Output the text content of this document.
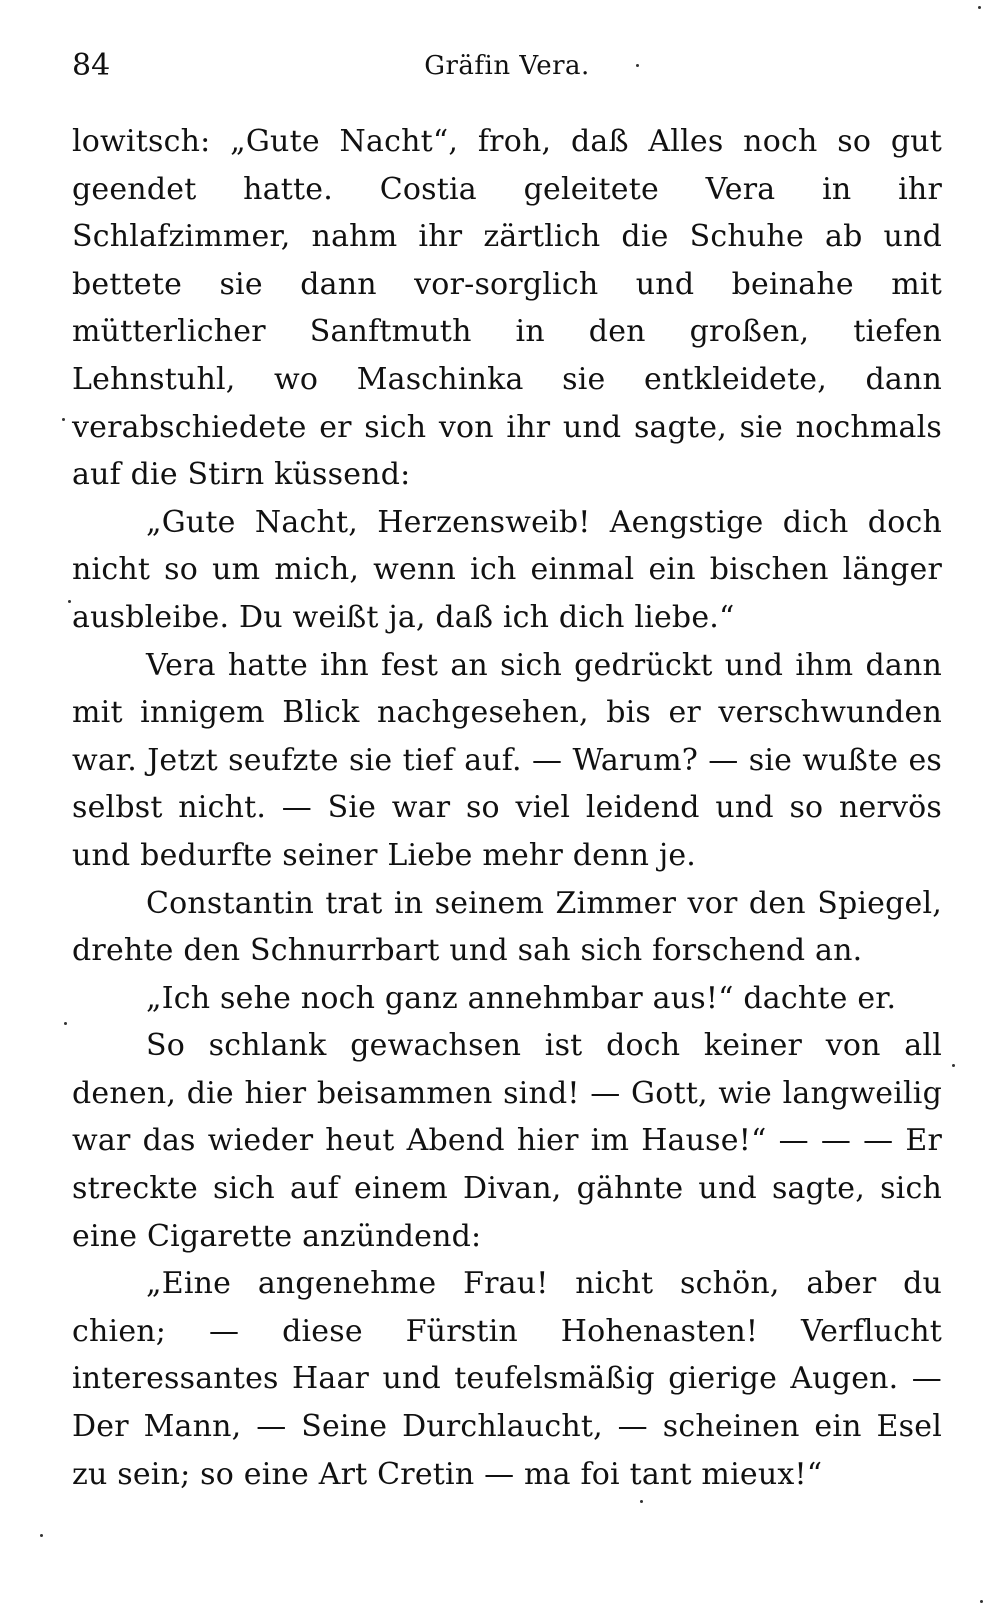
84	Gräfin Vera.

lowitsch: „Gute Nacht“, froh, daß Alles noch so gut geendet hatte. Costia geleitete Vera in ihr Schlafzimmer, nahm ihr zärtlich die Schuhe ab und bettete sie dann vor-sorglich und beinahe mit mütterlicher Sanftmuth in den großen, tiefen Lehnstuhl, wo Maschinka sie entkleidete, dann verabschiedete er sich von ihr und sagte, sie nochmals auf die Stirn küssend:

„Gute Nacht, Herzensweib! Aengstige dich doch nicht so um mich, wenn ich einmal ein bischen länger ausbleibe. Du weißt ja, daß ich dich liebe.“

Vera hatte ihn fest an sich gedrückt und ihm dann mit innigem Blick nachgesehen, bis er verschwunden war. Jetzt seufzte sie tief auf. — Warum? — sie wußte es selbst nicht. — Sie war so viel leidend und so nervös und bedurfte seiner Liebe mehr denn je.

Constantin trat in seinem Zimmer vor den Spiegel, drehte den Schnurrbart und sah sich forschend an.

„Ich sehe noch ganz annehmbar aus!“ dachte er.

So schlank gewachsen ist doch keiner von all denen, die hier beisammen sind! — Gott, wie langweilig war das wieder heut Abend hier im Hause!“ — — — Er streckte sich auf einem Divan, gähnte und sagte, sich eine Cigarette anzündend:

„Eine angenehme Frau! nicht schön, aber du chien; — diese Fürstin Hohenasten! Verflucht interessantes Haar und teufelsmäßig gierige Augen. — Der Mann, — Seine Durchlaucht, — scheinen ein Esel zu sein; so eine Art Cretin — ma foi tant mieux!“
